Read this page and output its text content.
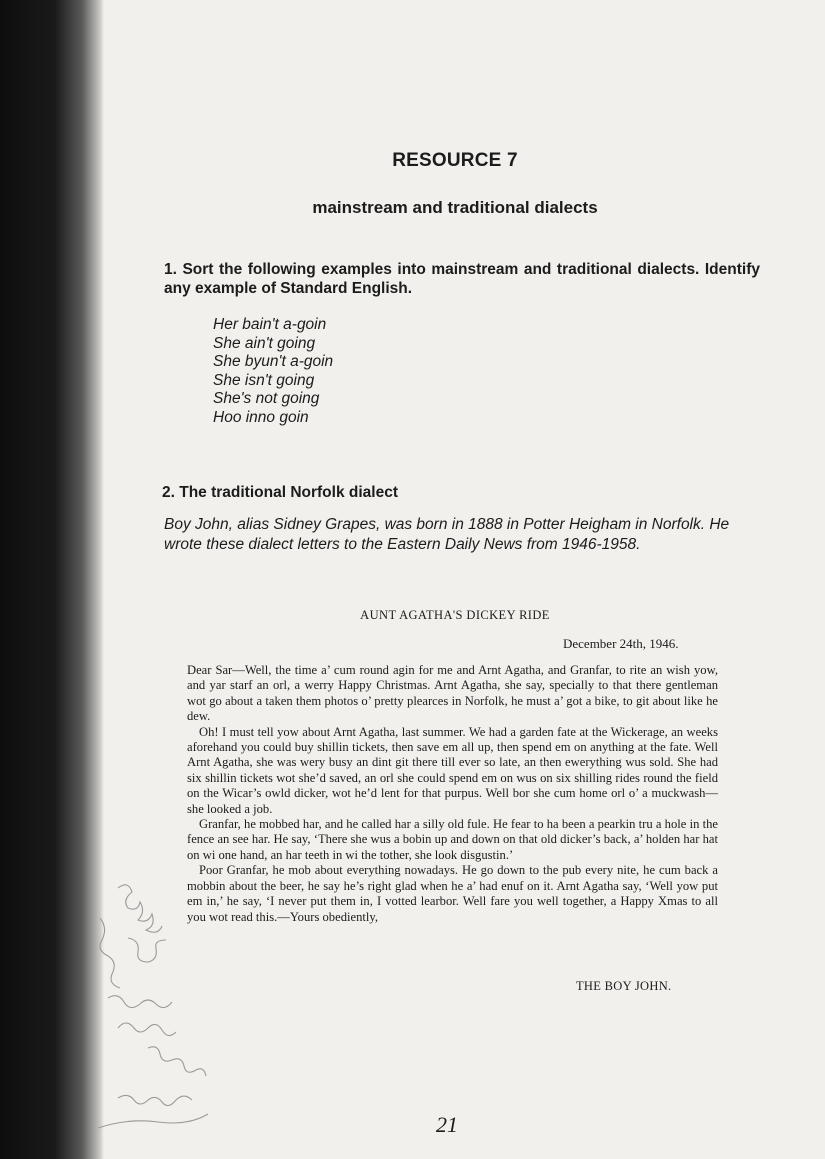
RESOURCE 7
mainstream and traditional dialects
1. Sort the following examples into mainstream and traditional dialects. Identify any example of Standard English.
Her bain't a-goin
She ain't going
She byun't a-goin
She isn't going
She's not going
Hoo inno goin
2. The traditional Norfolk dialect
Boy John, alias Sidney Grapes, was born in 1888 in Potter Heigham in Norfolk. He wrote these dialect letters to the Eastern Daily News from 1946-1958.
AUNT AGATHA'S DICKEY RIDE
December 24th, 1946.

Dear Sar—Well, the time a’ cum round agin for me and Arnt Agatha, and Granfar, to rite an wish yow, and yar starf an orl, a werry Happy Christmas. Arnt Agatha, she say, specially to that there gentleman wot go about a taken them photos o’ pretty plearces in Norfolk, he must a’ got a bike, to git about like he dew.

Oh! I must tell yow about Arnt Agatha, last summer. We had a garden fate at the Wickerage, an weeks aforehand you could buy shillin tickets, then save em all up, then spend em on anything at the fate. Well Arnt Agatha, she was wery busy an dint git there till ever so late, an then ewerything wus sold. She had six shillin tickets wot she’d saved, an orl she could spend em on wus on six shilling rides round the field on the Wicar’s owld dicker, wot he’d lent for that purpus. Well bor she cum home orl o’ a muckwash—she looked a job.

Granfar, he mobbed har, and he called har a silly old fule. He fear to ha been a pearkin tru a hole in the fence an see har. He say, ‘There she wus a bobin up and down on that old dicker’s back, a’ holden har hat on wi one hand, an har teeth in wi the tother, she look disgustin.’

Poor Granfar, he mob about everything nowadays. He go down to the pub every nite, he cum back a mobbin about the beer, he say he’s right glad when he a’ had enuf on it. Arnt Agatha say, ‘Well yow put em in,’ he say, ‘I never put them in, I votted learbor. Well fare you well together, a Happy Xmas to all you wot read this.—Yours obediently,

THE BOY JOHN.
21
